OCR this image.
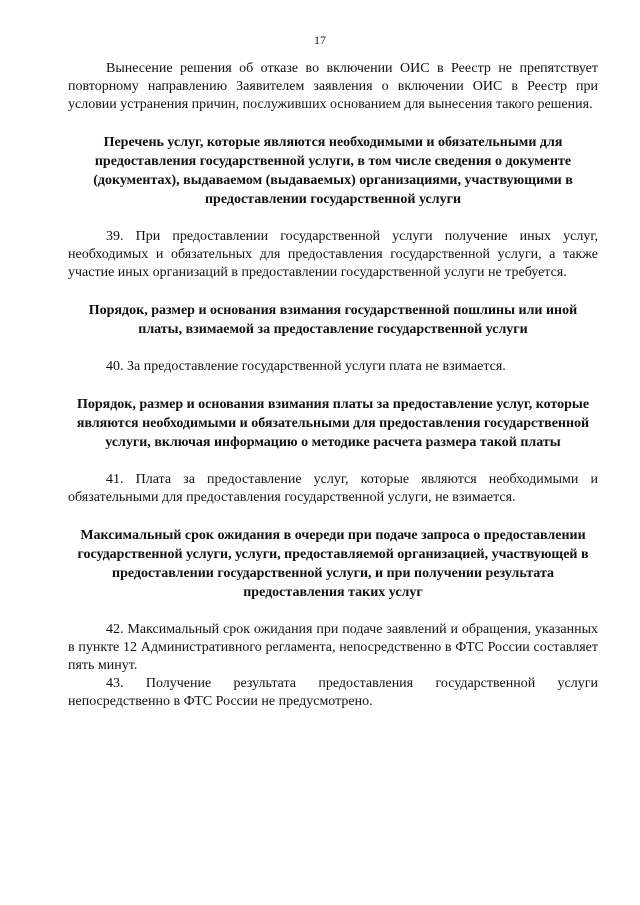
17

Вынесение решения об отказе во включении ОИС в Реестр не препятствует повторному направлению Заявителем заявления о включении ОИС в Реестр при условии устранения причин, послуживших основанием для вынесения такого решения.

Перечень услуг, которые являются необходимыми и обязательными для предоставления государственной услуги, в том числе сведения о документе (документах), выдаваемом (выдаваемых) организациями, участвующими в предоставлении государственной услуги

39. При предоставлении государственной услуги получение иных услуг, необходимых и обязательных для предоставления государственной услуги, а также участие иных организаций в предоставлении государственной услуги не требуется.

Порядок, размер и основания взимания государственной пошлины или иной платы, взимаемой за предоставление государственной услуги

40. За предоставление государственной услуги плата не взимается.

Порядок, размер и основания взимания платы за предоставление услуг, которые являются необходимыми и обязательными для предоставления государственной услуги, включая информацию о методике расчета размера такой платы

41. Плата за предоставление услуг, которые являются необходимыми и обязательными для предоставления государственной услуги, не взимается.

Максимальный срок ожидания в очереди при подаче запроса о предоставлении государственной услуги, услуги, предоставляемой организацией, участвующей в предоставлении государственной услуги, и при получении результата предоставления таких услуг

42. Максимальный срок ожидания при подаче заявлений и обращения, указанных в пункте 12 Административного регламента, непосредственно в ФТС России составляет пять минут.

43. Получение результата предоставления государственной услуги непосредственно в ФТС России не предусмотрено.
